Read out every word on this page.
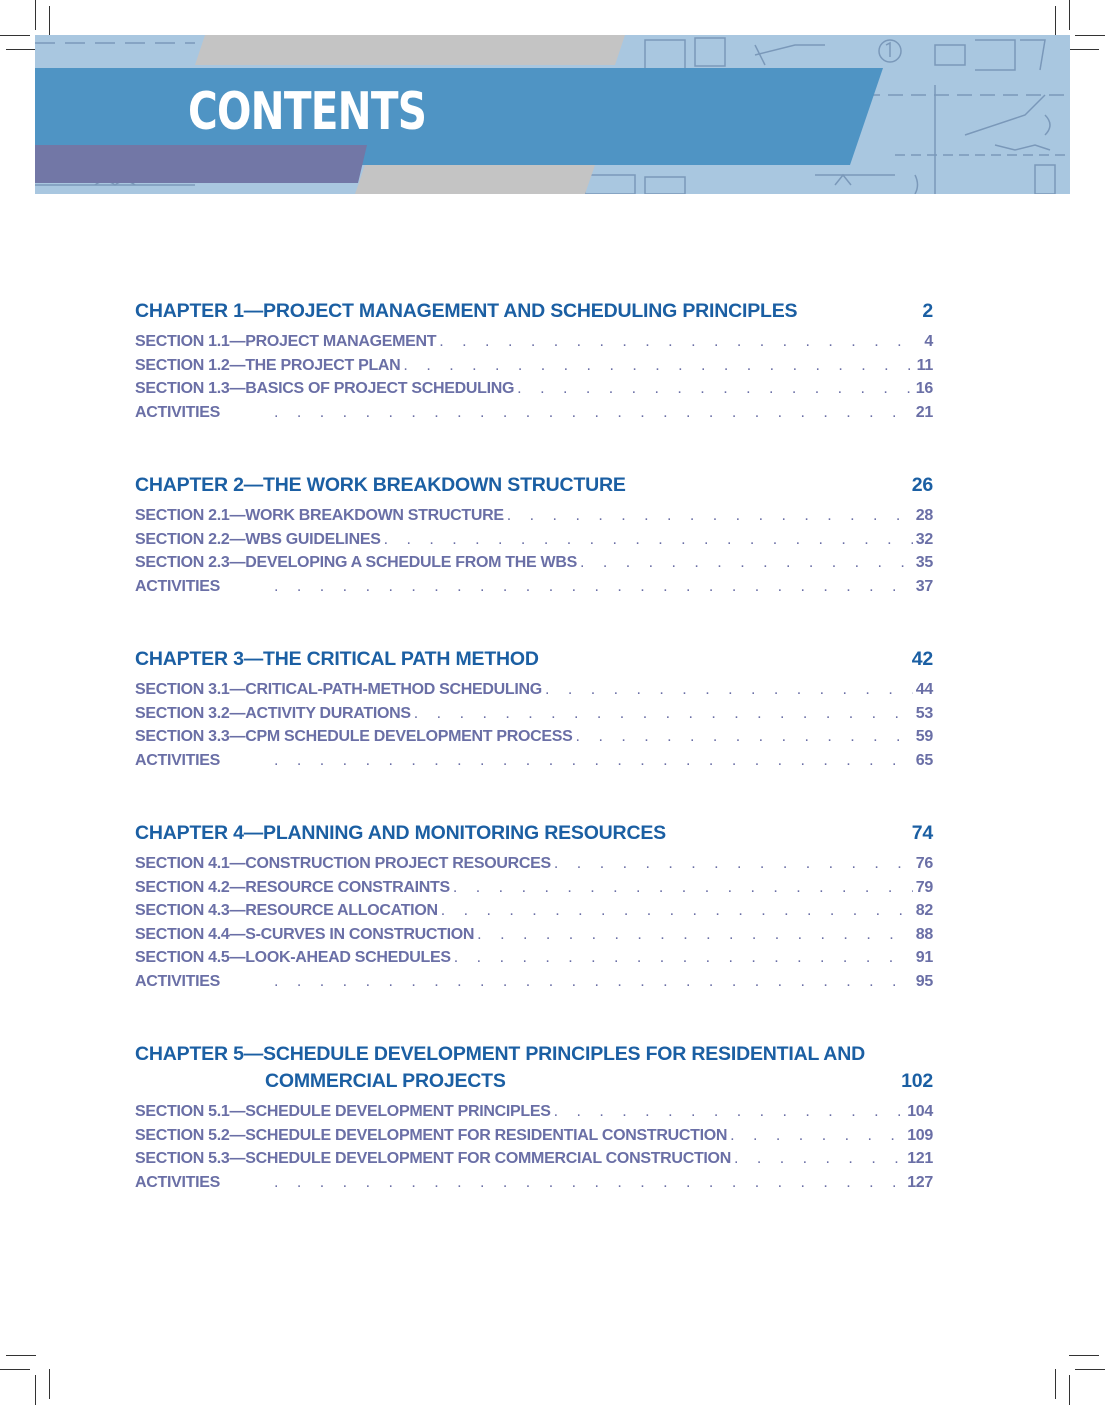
CONTENTS
CHAPTER 1—PROJECT MANAGEMENT AND SCHEDULING PRINCIPLES	2
SECTION 1.1—PROJECT MANAGEMENT . . .	4
SECTION 1.2—THE PROJECT PLAN . . .	11
SECTION 1.3—BASICS OF PROJECT SCHEDULING . . .	16
ACTIVITIES . . .	21
CHAPTER 2—THE WORK BREAKDOWN STRUCTURE	26
SECTION 2.1—WORK BREAKDOWN STRUCTURE . . .	28
SECTION 2.2—WBS GUIDELINES . . .	32
SECTION 2.3—DEVELOPING A SCHEDULE FROM THE WBS . . .	35
ACTIVITIES . . .	37
CHAPTER 3—THE CRITICAL PATH METHOD	42
SECTION 3.1—CRITICAL-PATH-METHOD SCHEDULING . . .	44
SECTION 3.2—ACTIVITY DURATIONS . . .	53
SECTION 3.3—CPM SCHEDULE DEVELOPMENT PROCESS . . .	59
ACTIVITIES . . .	65
CHAPTER 4—PLANNING AND MONITORING RESOURCES	74
SECTION 4.1—CONSTRUCTION PROJECT RESOURCES . . .	76
SECTION 4.2—RESOURCE CONSTRAINTS . . .	79
SECTION 4.3—RESOURCE ALLOCATION . . .	82
SECTION 4.4—S-CURVES IN CONSTRUCTION . . .	88
SECTION 4.5—LOOK-AHEAD SCHEDULES . . .	91
ACTIVITIES . . .	95
CHAPTER 5—SCHEDULE DEVELOPMENT PRINCIPLES FOR RESIDENTIAL AND
COMMERCIAL PROJECTS	102
SECTION 5.1—SCHEDULE DEVELOPMENT PRINCIPLES . . .	104
SECTION 5.2—SCHEDULE DEVELOPMENT FOR RESIDENTIAL CONSTRUCTION . . .	109
SECTION 5.3—SCHEDULE DEVELOPMENT FOR COMMERCIAL CONSTRUCTION . . .	121
ACTIVITIES . . .	127
